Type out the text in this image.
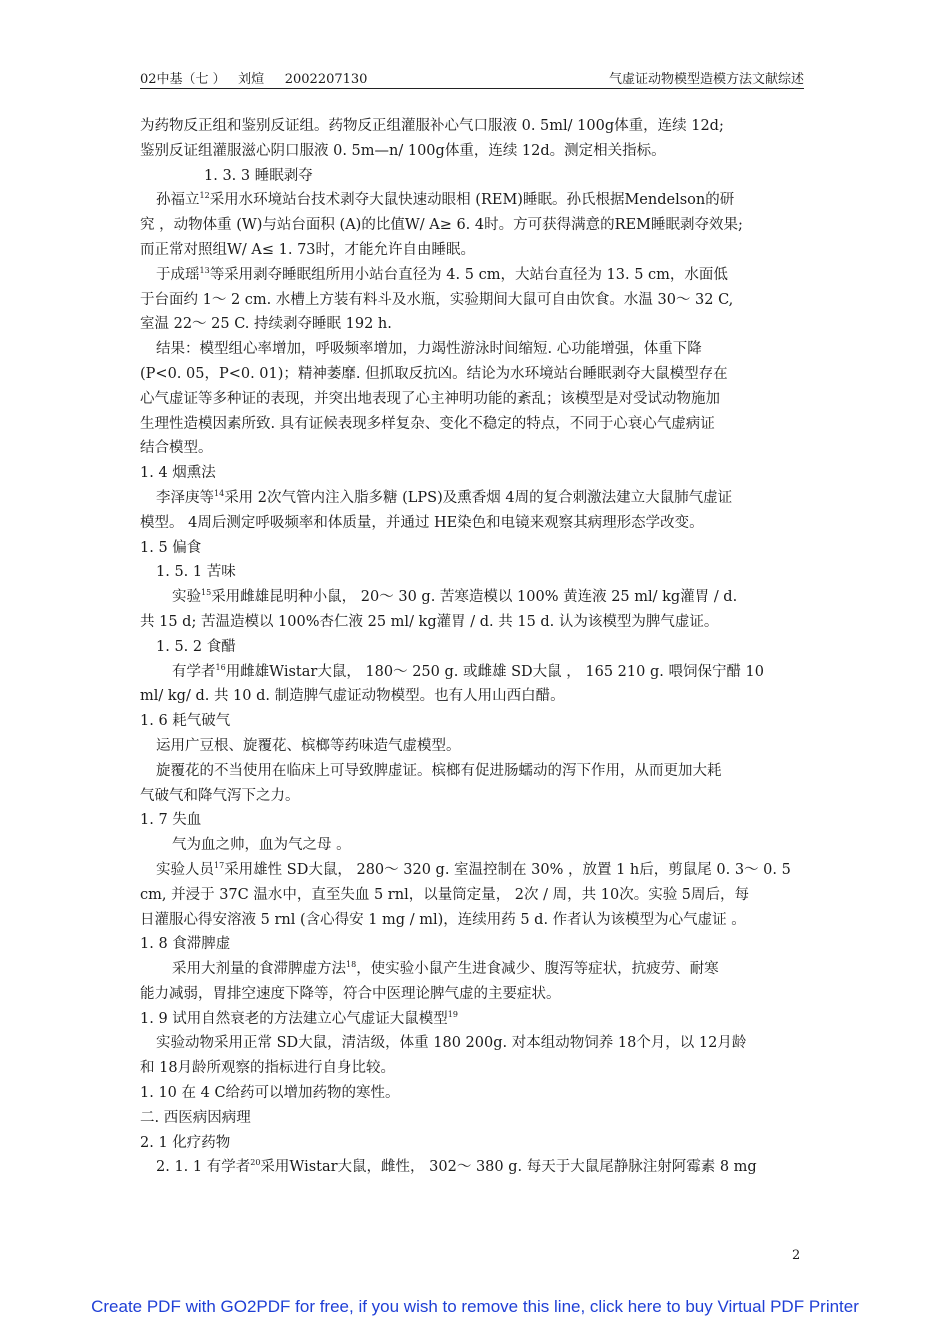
02中基（七 ）   刘煊     2002207130	气虚证动物模型造模方法文献综述
为药物反正组和鉴别反证组。药物反正组灌服补心气口服液 0. 5ml/ 100g体重，连续 12d;
鉴别反证组灌服滋心阴口服液 0. 5m—n/ 100g体重，连续 12d。测定相关指标。
1. 3. 3 睡眠剥夺
孙福立$^{12}$采用水环境站台技术剥夺大鼠快速动眼相 (REM)睡眠。孙氏根据Mendelson的研
究 ，动物体重 (W)与站台面积 (A)的比值W/ A≥ 6. 4时。方可获得满意的REM睡眠剥夺效果;
而正常对照组W/ A≤ 1. 73时，才能允许自由睡眠。
于成瑶$^{13}$等采用剥夺睡眠组所用小站台直径为 4. 5 cm，大站台直径为 13. 5 cm，水面低
于台面约 1～ 2 cm. 水槽上方装有料斗及水瓶，实验期间大鼠可自由饮食。水温 30～ 32 C,
室温 22～ 25 C. 持续剥夺睡眠 192 h.
结果：模型组心率增加，呼吸频率增加，力竭性游泳时间缩短. 心功能增强，体重下降
(P<0. 05，P<0. 01)；精神萎靡. 但抓取反抗凶。结论为水环境站台睡眠剥夺大鼠模型存在
心气虚证等多种证的表现，并突出地表现了心主神明功能的紊乱；该模型是对受试动物施加
生理性造模因素所致. 具有证候表现多样复杂、变化不稳定的特点，不同于心衰心气虚病证
结合模型。
1. 4 烟熏法
李泽庚等$^{14}$采用 2次气管内注入脂多糖 (LPS)及熏香烟 4周的复合刺激法建立大鼠肺气虚证
模型。 4周后测定呼吸频率和体质量，并通过 HE染色和电镜来观察其病理形态学改变。
1. 5 偏食
1. 5. 1 苦味
实验$^{15}$采用雌雄昆明种小鼠， 20～ 30 g. 苦寒造模以 100% 黄连液 25 ml/ kg灌胃 / d.
共 15 d; 苦温造模以 100%杏仁液 25 ml/ kg灌胃 / d. 共 15 d. 认为该模型为脾气虚证。
1. 5. 2 食醋
有学者$^{16}$用雌雄Wistar大鼠， 180～ 250 g. 或雌雄 SD大鼠 ， 165 210 g. 喂饲保宁醋 10
ml/ kg/ d. 共 10 d. 制造脾气虚证动物模型。也有人用山西白醋。
1. 6 耗气破气
运用广豆根、旋覆花、槟榔等药味造气虚模型。
旋覆花的不当使用在临床上可导致脾虚证。槟榔有促进肠蠕动的泻下作用，从而更加大耗
气破气和降气泻下之力。
1. 7 失血
气为血之帅，血为气之母 。
实验人员$^{17}$采用雄性 SD大鼠， 280～ 320 g. 室温控制在 30% ，放置 1 h后，剪鼠尾 0. 3～ 0. 5
cm, 并浸于 37C 温水中，直至失血 5 rnl，以量筒定量， 2次 / 周，共 10次。实验 5周后，每
日灌服心得安溶液 5 rnl (含心得安 1 mg / ml)，连续用药 5 d. 作者认为该模型为心气虚证 。
1. 8 食滞脾虚
采用大剂量的食滞脾虚方法$^{18}$，使实验小鼠产生进食减少、腹泻等症状，抗疲劳、耐寒
能力减弱，胃排空速度下降等，符合中医理论脾气虚的主要症状。
1. 9 试用自然衰老的方法建立心气虚证大鼠模型$^{19}$
实验动物采用正常 SD大鼠，清洁级，体重 180 200g. 对本组动物饲养 18个月，以 12月龄
和 18月龄所观察的指标进行自身比较。
1. 10 在 4 C给药可以增加药物的寒性。
二. 西医病因病理
2. 1 化疗药物
2. 1. 1 有学者$^{20}$采用Wistar大鼠，雌性， 302～ 380 g. 每天于大鼠尾静脉注射阿霉素 8 mg
2
Create PDF with GO2PDF for free, if you wish to remove this line, click here to buy Virtual PDF Printer
